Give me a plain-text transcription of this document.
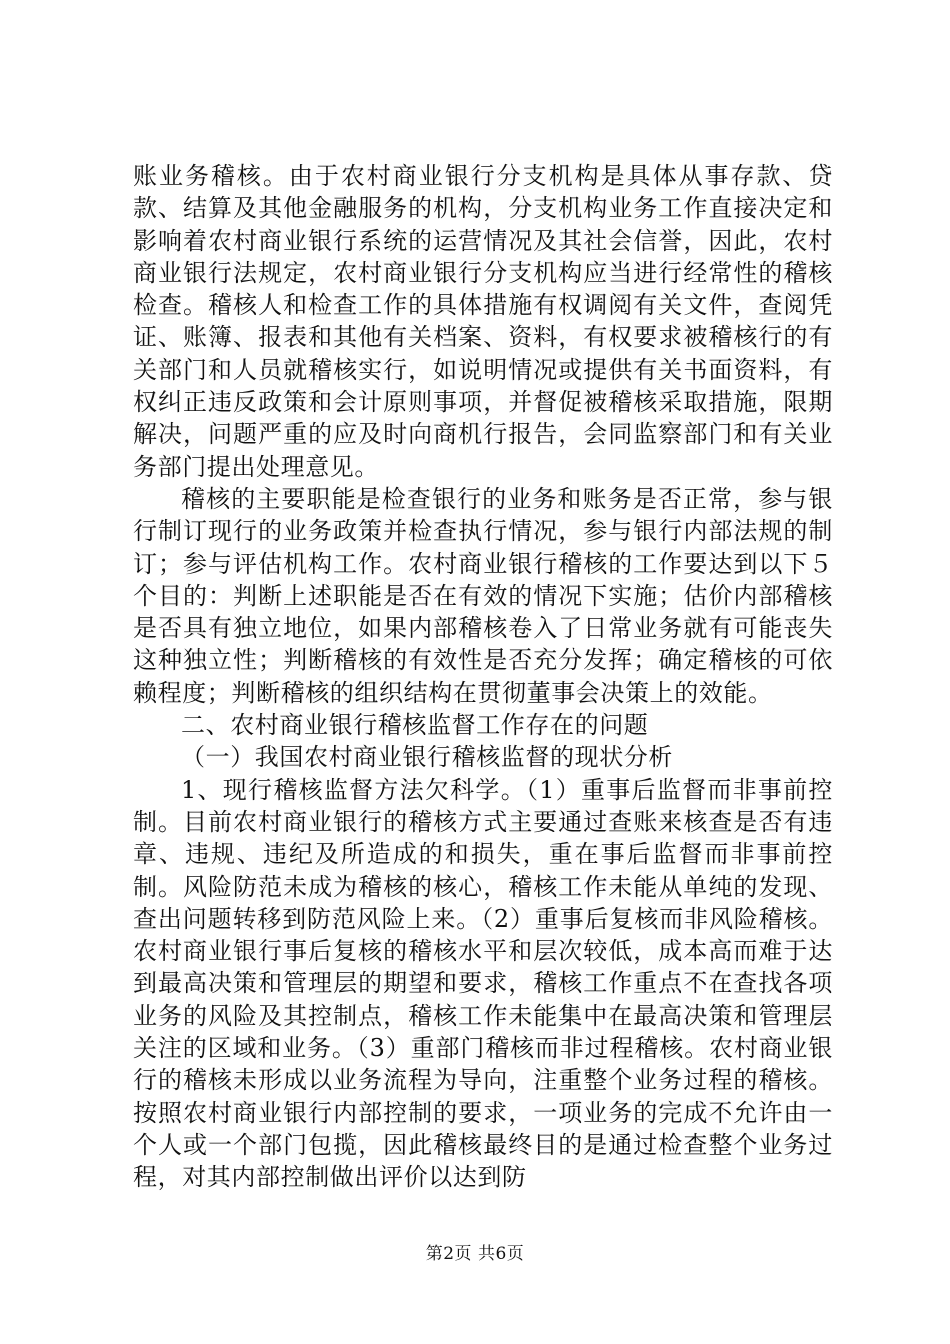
账业务稽核。由于农村商业银行分支机构是具体从事存款、贷款、结算及其他金融服务的机构，分支机构业务工作直接决定和影响着农村商业银行系统的运营情况及其社会信誉，因此，农村商业银行法规定，农村商业银行分支机构应当进行经常性的稽核检查。稽核人和检查工作的具体措施有权调阅有关文件，查阅凭证、账簿、报表和其他有关档案、资料，有权要求被稽核行的有关部门和人员就稽核实行，如说明情况或提供有关书面资料，有权纠正违反政策和会计原则事项，并督促被稽核采取措施，限期解决，问题严重的应及时向商机行报告，会同监察部门和有关业务部门提出处理意见。

稽核的主要职能是检查银行的业务和账务是否正常，参与银行制订现行的业务政策并检查执行情况，参与银行内部法规的制订；参与评估机构工作。农村商业银行稽核的工作要达到以下５个目的：判断上述职能是否在有效的情况下实施；估价内部稽核是否具有独立地位，如果内部稽核卷入了日常业务就有可能丧失这种独立性；判断稽核的有效性是否充分发挥；确定稽核的可依赖程度；判断稽核的组织结构在贯彻董事会决策上的效能。

二、农村商业银行稽核监督工作存在的问题

（一）我国农村商业银行稽核监督的现状分析

1、现行稽核监督方法欠科学。（1）重事后监督而非事前控制。目前农村商业银行的稽核方式主要通过查账来核查是否有违章、违规、违纪及所造成的和损失，重在事后监督而非事前控制。风险防范未成为稽核的核心，稽核工作未能从单纯的发现、查出问题转移到防范风险上来。（2）重事后复核而非风险稽核。农村商业银行事后复核的稽核水平和层次较低，成本高而难于达到最高决策和管理层的期望和要求，稽核工作重点不在查找各项业务的风险及其控制点，稽核工作未能集中在最高决策和管理层关注的区域和业务。（3）重部门稽核而非过程稽核。农村商业银行的稽核未形成以业务流程为导向，注重整个业务过程的稽核。按照农村商业银行内部控制的要求，一项业务的完成不允许由一个人或一个部门包揽，因此稽核最终目的是通过检查整个业务过程，对其内部控制做出评价以达到防

第2页 共6页
